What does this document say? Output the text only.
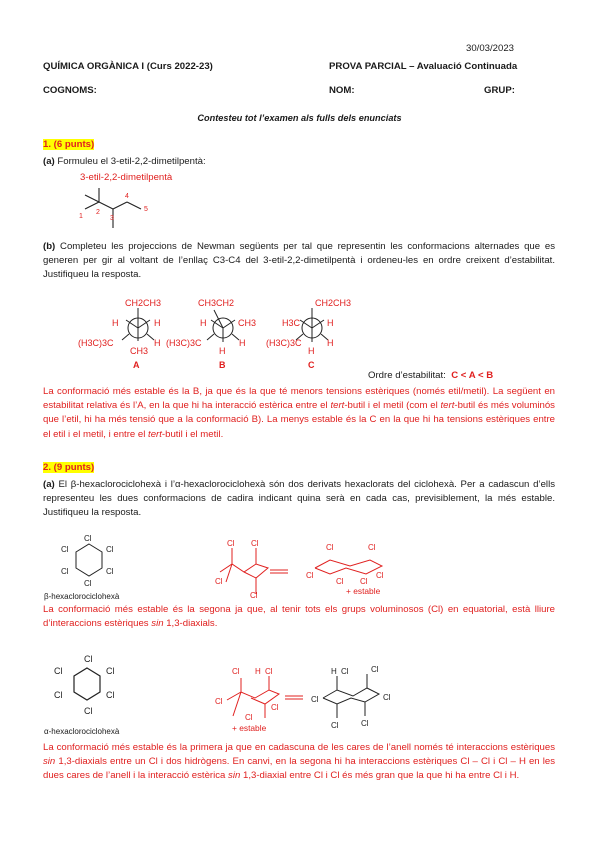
30/03/2023
QUÍMICA ORGÀNICA I (Curs 2022-23)	PROVA PARCIAL – Avaluació Continuada
COGNOMS:	NOM:	GRUP:
Contesteu tot l’examen als fulls dels enunciats
1. (6 punts)
(a) Formuleu el 3-etil-2,2-dimetilpentà:
3-etil-2,2-dimetilpentà
1
2
3
4
5
(b) Completeu les projeccions de Newman següents per tal que representin les conformacions alternades que es generen per gir al voltant de l’enllaç C3-C4 del 3-etil-2,2-dimetilpentà i ordeneu-les en ordre creixent d’estabilitat. Justifiqueu la resposta.
CH2CH3
H	H
(H3C)3C	H
CH3
A
CH3CH2
H	CH3
(H3C)3C	H
H
B
CH2CH3
H3C	H
(H3C)3C	H
H
C
Ordre d’estabilitat: C < A < B
La conformació més estable és la B, ja que és la que té menors tensions estèriques (només etil/metil). La següent en estabilitat relativa és l’A, en la que hi ha interacció estèrica entre el tert-butil i el metil (com el tert-butil és més voluminós que l’etil, hi ha més tensió que a la conformació B). La menys estable és la C en la que hi ha tensions estèriques entre el etil i el metil, i entre el tert-butil i el metil.
2. (9 punts)
(a) El β-hexaclorociclohexà i l’α-hexaclorociclohexà són dos derivats hexaclorats del ciclohexà. Per a cadascun d’ells representeu les dues conformacions de cadira indicant quina serà en cada cas, previsiblement, la més estable. Justifiqueu la resposta.
Cl
Cl
Cl
Cl
Cl
Cl
β-hexaclorociclohexà
Cl Cl
Cl
Cl
Cl	Cl
Cl	Cl
Cl Cl
+ estable
La conformació més estable és la segona ja que, al tenir tots els grups voluminosos (Cl) en equatorial, està lliure d’interaccions estèriques sin 1,3-diaxials.
Cl
Cl
Cl
Cl
Cl
Cl
α-hexaclorociclohexà
Cl H Cl
Cl
Cl
Cl
H Cl	Cl
Cl	Cl
Cl	Cl
+ estable
La conformació més estable és la primera ja que en cadascuna de les cares de l’anell només té interaccions estèriques sin 1,3-diaxials entre un Cl i dos hidrògens. En canvi, en la segona hi ha interaccions estèriques Cl – Cl i Cl – H en les dues cares de l’anell i la interacció estèrica sin 1,3-diaxial entre Cl i Cl és més gran que la que hi ha entre Cl i H.
